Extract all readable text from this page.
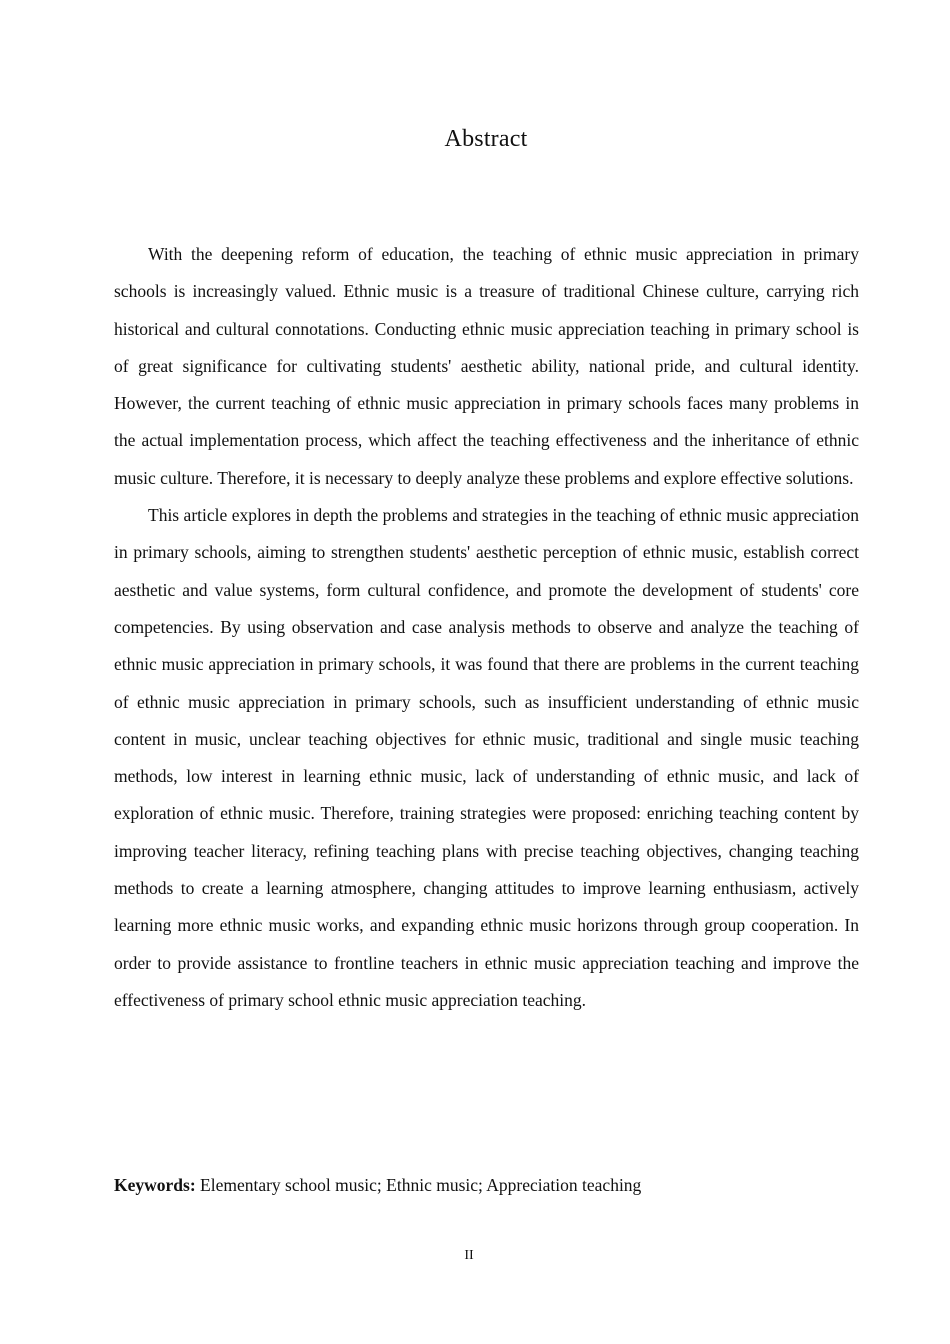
Abstract

With the deepening reform of education, the teaching of ethnic music appreciation in primary schools is increasingly valued. Ethnic music is a treasure of traditional Chinese culture, carrying rich historical and cultural connotations. Conducting ethnic music appreciation teaching in primary school is of great significance for cultivating students' aesthetic ability, national pride, and cultural identity. However, the current teaching of ethnic music appreciation in primary schools faces many problems in the actual implementation process, which affect the teaching effectiveness and the inheritance of ethnic music culture. Therefore, it is necessary to deeply analyze these problems and explore effective solutions.

This article explores in depth the problems and strategies in the teaching of ethnic music appreciation in primary schools, aiming to strengthen students' aesthetic perception of ethnic music, establish correct aesthetic and value systems, form cultural confidence, and promote the development of students' core competencies. By using observation and case analysis methods to observe and analyze the teaching of ethnic music appreciation in primary schools, it was found that there are problems in the current teaching of ethnic music appreciation in primary schools, such as insufficient understanding of ethnic music content in music, unclear teaching objectives for ethnic music, traditional and single music teaching methods, low interest in learning ethnic music, lack of understanding of ethnic music, and lack of exploration of ethnic music. Therefore, training strategies were proposed: enriching teaching content by improving teacher literacy, refining teaching plans with precise teaching objectives, changing teaching methods to create a learning atmosphere, changing attitudes to improve learning enthusiasm, actively learning more ethnic music works, and expanding ethnic music horizons through group cooperation. In order to provide assistance to frontline teachers in ethnic music appreciation teaching and improve the effectiveness of primary school ethnic music appreciation teaching.

Keywords: Elementary school music; Ethnic music; Appreciation teaching
II
